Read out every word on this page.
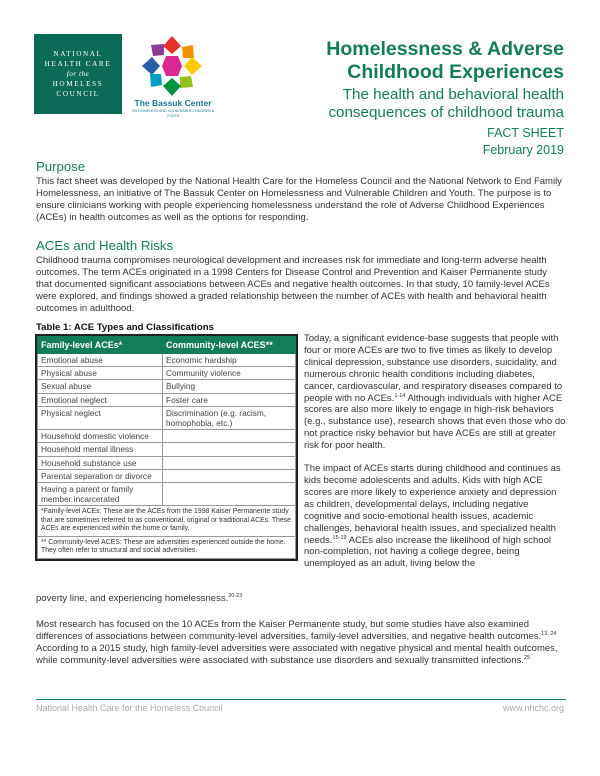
NATIONAL
HEALTH CARE
for the
HOMELESS
COUNCIL
The Bassuk Center
ON HOMELESS AND VULNERABLE CHILDREN & YOUTH
Homelessness & Adverse
Childhood Experiences
The health and behavioral health
consequences of childhood trauma
FACT SHEET
February 2019
Purpose

This fact sheet was developed by the National Health Care for the Homeless Council and the National Network to End Family Homelessness, an initiative of The Bassuk Center on Homelessness and Vulnerable Children and Youth. The purpose is to ensure clinicians working with people experiencing homelessness understand the role of Adverse Childhood Experiences (ACEs) in health outcomes as well as the options for responding.

ACEs and Health Risks

Childhood trauma compromises neurological development and increases risk for immediate and long-term adverse health outcomes. The term ACEs originated in a 1998 Centers for Disease Control and Prevention and Kaiser Permanente study that documented significant associations between ACEs and negative health outcomes. In that study, 10 family-level ACEs were explored, and findings showed a graded relationship between the number of ACEs with health and behavioral health outcomes in adulthood.

Table 1: ACE Types and Classifications
Family-level ACEs*	Community-level ACES**
Emotional abuse	Economic hardship
Physical abuse	Community violence
Sexual abuse	Bullying
Emotional neglect	Foster care
Physical neglect	Discrimination (e.g. racism, homophobia, etc.)
Household domestic violence	
Household mental illness	
Household substance use	
Parental separation or divorce	
Having a parent or family member incarcerated	
*Family-level ACEs: These are the ACEs from the 1998 Kaiser Permanente study that are sometimes referred to as conventional, original or traditional ACEs. These ACEs are experienced within the home or family.	
** Community-level ACES: These are adversities experienced outside the home. They often refer to structural and social adversities.	

Today, a significant evidence-base suggests that people with four or more ACEs are two to five times as likely to develop clinical depression, substance use disorders, suicidality, and numerous chronic health conditions including diabetes, cancer, cardiovascular, and respiratory diseases compared to people with no ACEs.$^{1-14}$ Although individuals with higher ACE scores are also more likely to engage in high-risk behaviors (e.g., substance use), research shows that even those who do not practice risky behavior but have ACEs are still at greater risk for poor health.

The impact of ACEs starts during childhood and continues as kids become adolescents and adults. Kids with high ACE scores are more likely to experience anxiety and depression as children, developmental delays, including negative cognitive and socio-emotional health issues, academic challenges, behavioral health issues, and specialized health needs.$^{15-19}$ ACEs also increase the likelihood of high school non-completion, not having a college degree, being unemployed as an adult, living below the

poverty line, and experiencing homelessness.$^{20-23}$

Most research has focused on the 10 ACEs from the Kaiser Permanente study, but some studies have also examined differences of associations between community-level adversities, family-level adversities, and negative health outcomes.$^{13, 24}$ According to a 2015 study, high family-level adversities were associated with negative physical and mental health outcomes, while community-level adversities were associated with substance use disorders and sexually transmitted infections.$^{25}$

National Health Care for the Homeless Council	www.nhchc.org
